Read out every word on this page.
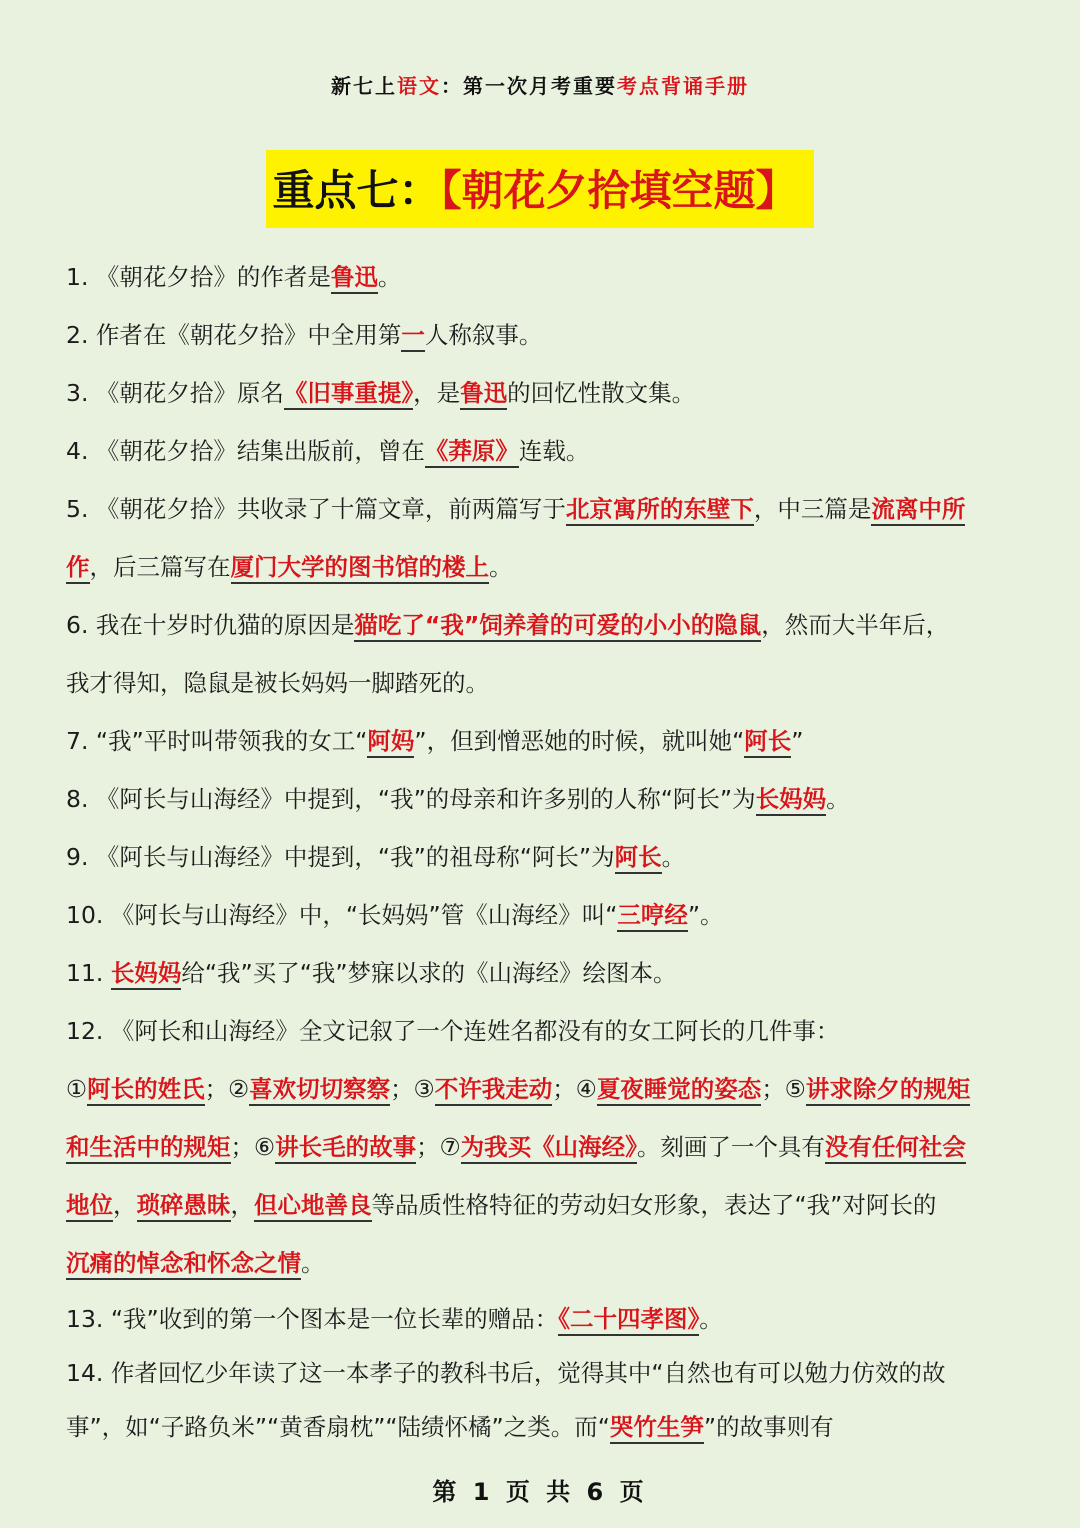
新七上语文：第一次月考重要考点背诵手册
重点七：【朝花夕拾填空题】
1. 《朝花夕拾》的作者是鲁迅。
2. 作者在《朝花夕拾》中全用第一人称叙事。
3. 《朝花夕拾》原名《旧事重提》，是鲁迅的回忆性散文集。
4. 《朝花夕拾》结集出版前，曾在《莽原》连载。
5. 《朝花夕拾》共收录了十篇文章，前两篇写于北京寓所的东壁下，中三篇是流离中所
作，后三篇写在厦门大学的图书馆的楼上。
6. 我在十岁时仇猫的原因是猫吃了“我”饲养着的可爱的小小的隐鼠，然而大半年后，
我才得知，隐鼠是被长妈妈一脚踏死的。
7. “我”平时叫带领我的女工“阿妈”，但到憎恶她的时候，就叫她“阿长”
8. 《阿长与山海经》中提到，“我”的母亲和许多别的人称“阿长”为长妈妈。
9. 《阿长与山海经》中提到，“我”的祖母称“阿长”为阿长。
10. 《阿长与山海经》中，“长妈妈”管《山海经》叫“三哼经”。
11. 长妈妈给“我”买了“我”梦寐以求的《山海经》绘图本。
12. 《阿长和山海经》全文记叙了一个连姓名都没有的女工阿长的几件事：
①阿长的姓氏；②喜欢切切察察；③不许我走动；④夏夜睡觉的姿态；⑤讲求除夕的规矩
和生活中的规矩；⑥讲长毛的故事；⑦为我买《山海经》。刻画了一个具有没有任何社会
地位，琐碎愚昧，但心地善良等品质性格特征的劳动妇女形象，表达了“我”对阿长的
沉痛的悼念和怀念之情。
13. “我”收到的第一个图本是一位长辈的赠品：《二十四孝图》。
14. 作者回忆少年读了这一本孝子的教科书后，觉得其中“自然也有可以勉力仿效的故
事”，如“子路负米”“黄香扇枕”“陆绩怀橘”之类。而“哭竹生笋”的故事则有
第 1 页 共 6 页
